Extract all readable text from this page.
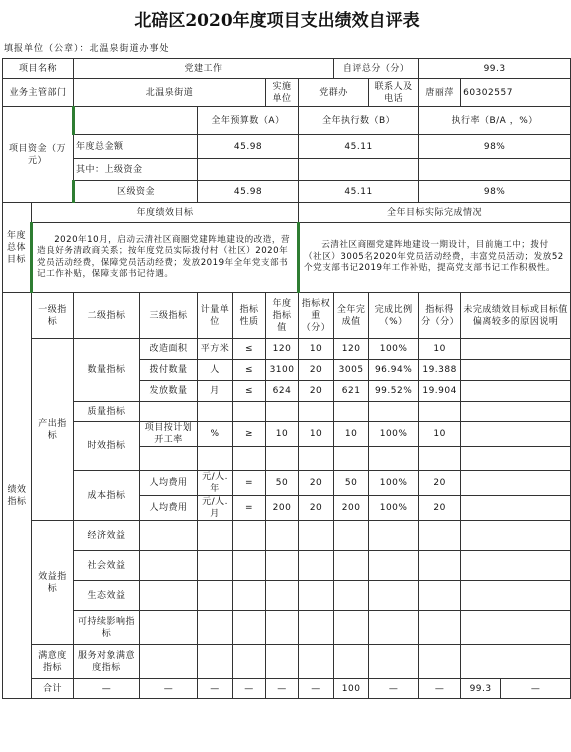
北碚区2020年度项目支出绩效自评表
填报单位（公章）：北温泉街道办事处
项目名称		党建工作						自评总分（分）		99.3		
业务主管部门		北温泉街道				实施单位	党群办		联系人及电话	唐丽萍	60302557	
项目资金（万元）				全年预算数（A）			全年执行数（B）			执行率（B/A ，%）		
		年度总金额		45.98			45.11			98%		
		其中：上级资金										
		区级资金		45.98			45.11			98%		
年度总体目标	年度绩效目标						全年目标实际完成情况					
	2020年10月，启动云清社区商圈党建阵地建设的改造，营造良好务清政商关系；按年度党员实际拨付村（社区）2020年党员活动经费，保障党员活动经费；发放2019年全年党支部书记工作补贴，保障支部书记待遇。						云清社区商圈党建阵地建设一期设计，目前施工中；拨付（社区）3005名2020年党员活动经费，丰富党员活动；发放52个党支部书记2019年工作补贴，提高党支部书记工作积极性。					
绩效指标	一级指标	二级指标	三级指标	计量单位	指标性质	年度指标值	指标权重（分）	全年完成值	完成比例（%）	指标得分（分）	未完成绩效目标或目标值偏离较多的原因说明	
	产出指标	数量指标	改造面积	平方米	≤	120	10	120	100%	10		
			拨付数量	人	≤	3100	20	3005	96.94%	19.388		
			发放数量	月	≤	624	20	621	99.52%	19.904		
		质量指标										
		时效指标	项目按计划开工率	%	≥	10	10	10	100%	10		

		成本指标	人均费用	元/人.年	=	50	20	50	100%	20		
			人均费用	元/人.月	=	200	20	200	100%	20		
	效益指标	经济效益										
		社会效益										
		生态效益										
		可持续影响指标										
	满意度指标	服务对象满意度指标										
	合计	—	—	—	—	—	—	100	—	—	99.3	—
